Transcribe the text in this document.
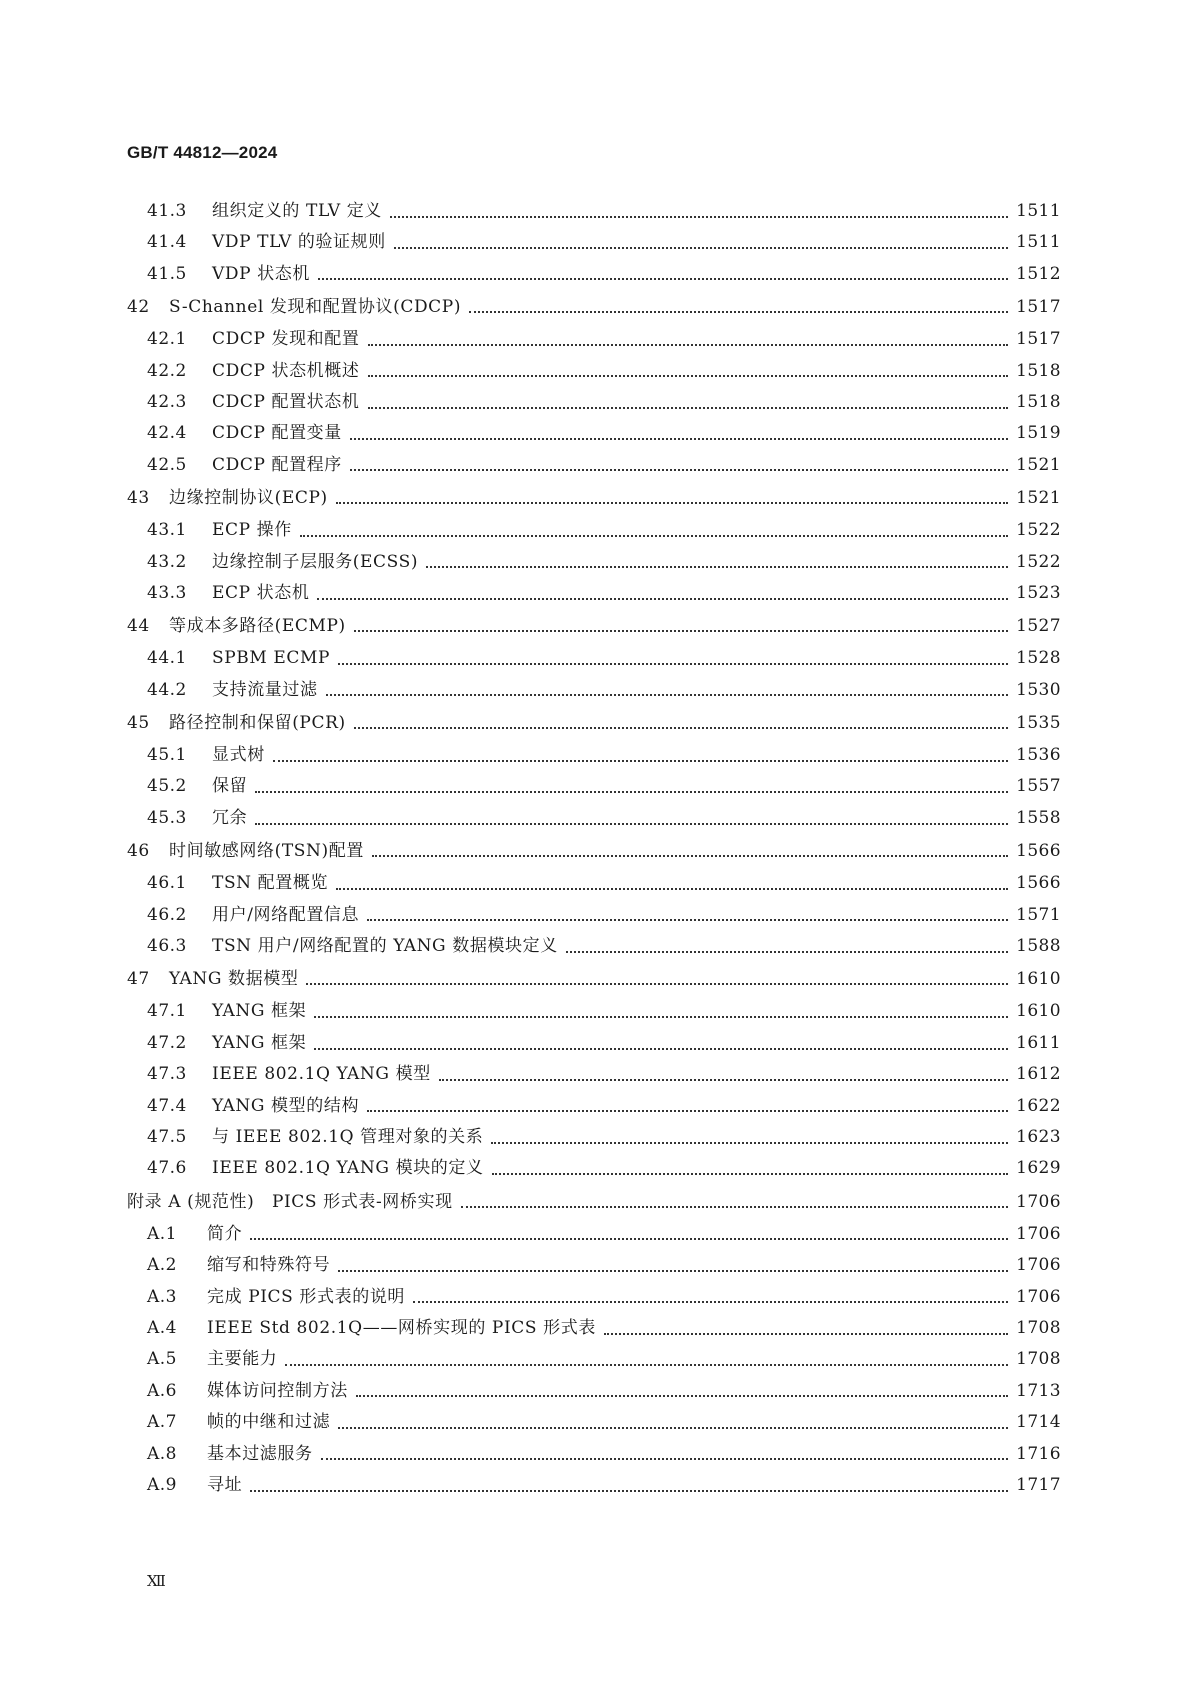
GB/T 44812—2024
41.3 组织定义的 TLV 定义	1511
41.4 VDP TLV 的验证规则	1511
41.5 VDP 状态机	1512
42 S-Channel 发现和配置协议(CDCP)	1517
42.1 CDCP 发现和配置	1517
42.2 CDCP 状态机概述	1518
42.3 CDCP 配置状态机	1518
42.4 CDCP 配置变量	1519
42.5 CDCP 配置程序	1521
43 边缘控制协议(ECP)	1521
43.1 ECP 操作	1522
43.2 边缘控制子层服务(ECSS)	1522
43.3 ECP 状态机	1523
44 等成本多路径(ECMP)	1527
44.1 SPBM ECMP	1528
44.2 支持流量过滤	1530
45 路径控制和保留(PCR)	1535
45.1 显式树	1536
45.2 保留	1557
45.3 冗余	1558
46 时间敏感网络(TSN)配置	1566
46.1 TSN 配置概览	1566
46.2 用户/网络配置信息	1571
46.3 TSN 用户/网络配置的 YANG 数据模块定义	1588
47 YANG 数据模型	1610
47.1 YANG 框架	1610
47.2 YANG 框架	1611
47.3 IEEE 802.1Q YANG 模型	1612
47.4 YANG 模型的结构	1622
47.5 与 IEEE 802.1Q 管理对象的关系	1623
47.6 IEEE 802.1Q YANG 模块的定义	1629
附录 A (规范性)　PICS 形式表-网桥实现	1706
A.1 简介	1706
A.2 缩写和特殊符号	1706
A.3 完成 PICS 形式表的说明	1706
A.4 IEEE Std 802.1Q——网桥实现的 PICS 形式表	1708
A.5 主要能力	1708
A.6 媒体访问控制方法	1713
A.7 帧的中继和过滤	1714
A.8 基本过滤服务	1716
A.9 寻址	1717
Ⅻ
